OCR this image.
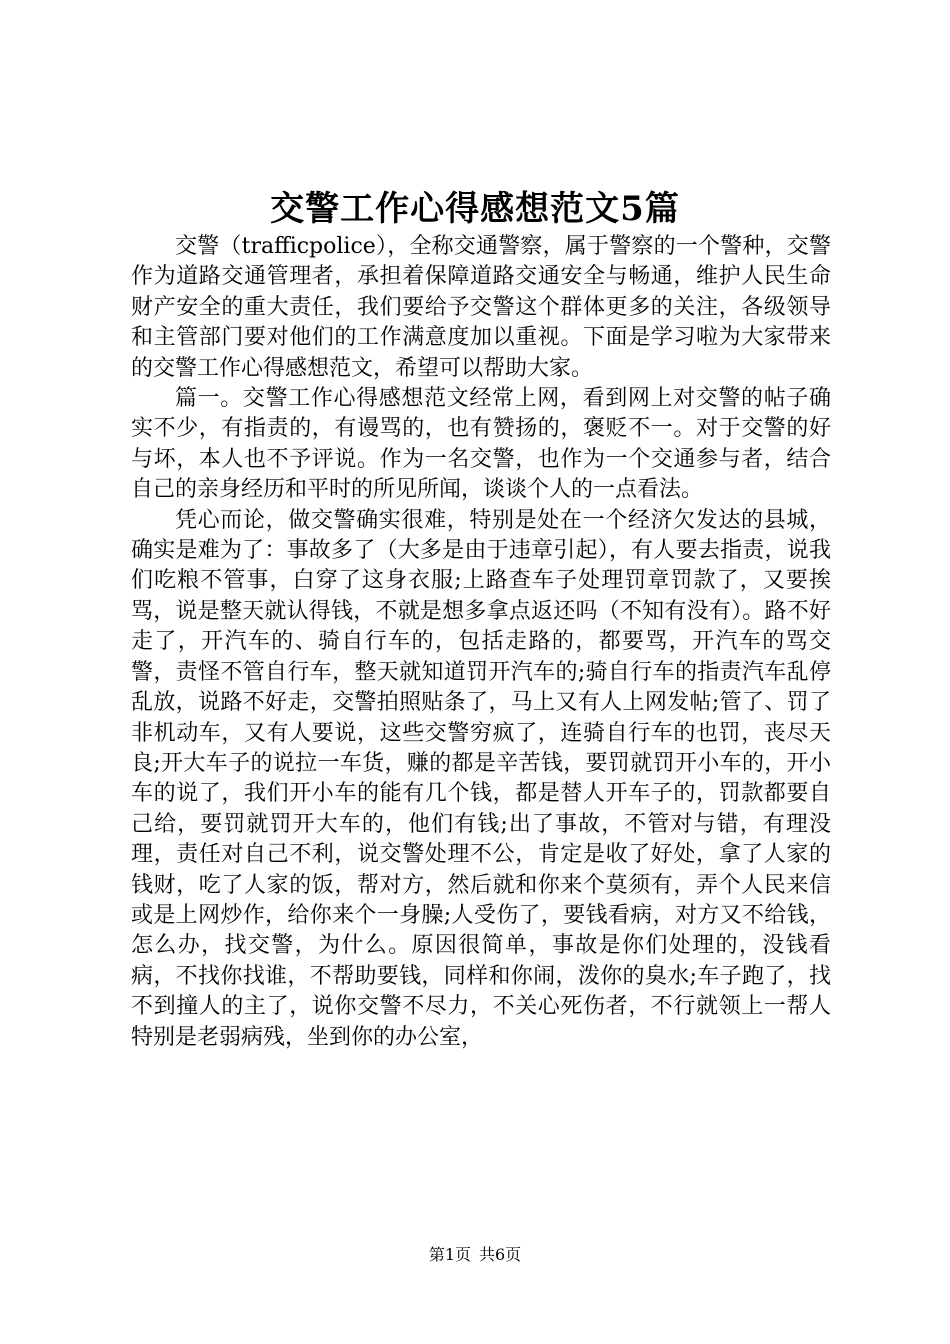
交警工作心得感想范文5篇

交警（trafficpolice），全称交通警察，属于警察的一个警种，交警作为道路交通管理者，承担着保障道路交通安全与畅通，维护人民生命财产安全的重大责任，我们要给予交警这个群体更多的关注，各级领导和主管部门要对他们的工作满意度加以重视。下面是学习啦为大家带来的交警工作心得感想范文，希望可以帮助大家。

篇一。交警工作心得感想范文经常上网，看到网上对交警的帖子确实不少，有指责的，有谩骂的，也有赞扬的，褒贬不一。对于交警的好与坏，本人也不予评说。作为一名交警，也作为一个交通参与者，结合自己的亲身经历和平时的所见所闻，谈谈个人的一点看法。

凭心而论，做交警确实很难，特别是处在一个经济欠发达的县城，确实是难为了：事故多了（大多是由于违章引起），有人要去指责，说我们吃粮不管事，白穿了这身衣服;上路查车子处理罚章罚款了，又要挨骂，说是整天就认得钱，不就是想多拿点返还吗（不知有没有）。路不好走了，开汽车的、骑自行车的，包括走路的，都要骂，开汽车的骂交警，责怪不管自行车，整天就知道罚开汽车的;骑自行车的指责汽车乱停乱放，说路不好走，交警拍照贴条了，马上又有人上网发帖;管了、罚了非机动车，又有人要说，这些交警穷疯了，连骑自行车的也罚，丧尽天良;开大车子的说拉一车货，赚的都是辛苦钱，要罚就罚开小车的，开小车的说了，我们开小车的能有几个钱，都是替人开车子的，罚款都要自己给，要罚就罚开大车的，他们有钱;出了事故，不管对与错，有理没理，责任对自己不利，说交警处理不公，肯定是收了好处，拿了人家的钱财，吃了人家的饭，帮对方，然后就和你来个莫须有，弄个人民来信或是上网炒作，给你来个一身臊;人受伤了，要钱看病，对方又不给钱，怎么办，找交警，为什么。原因很简单，事故是你们处理的，没钱看病，不找你找谁，不帮助要钱，同样和你闹，泼你的臭水;车子跑了，找不到撞人的主了，说你交警不尽力，不关心死伤者，不行就领上一帮人特别是老弱病残，坐到你的办公室，

第1页 共6页
